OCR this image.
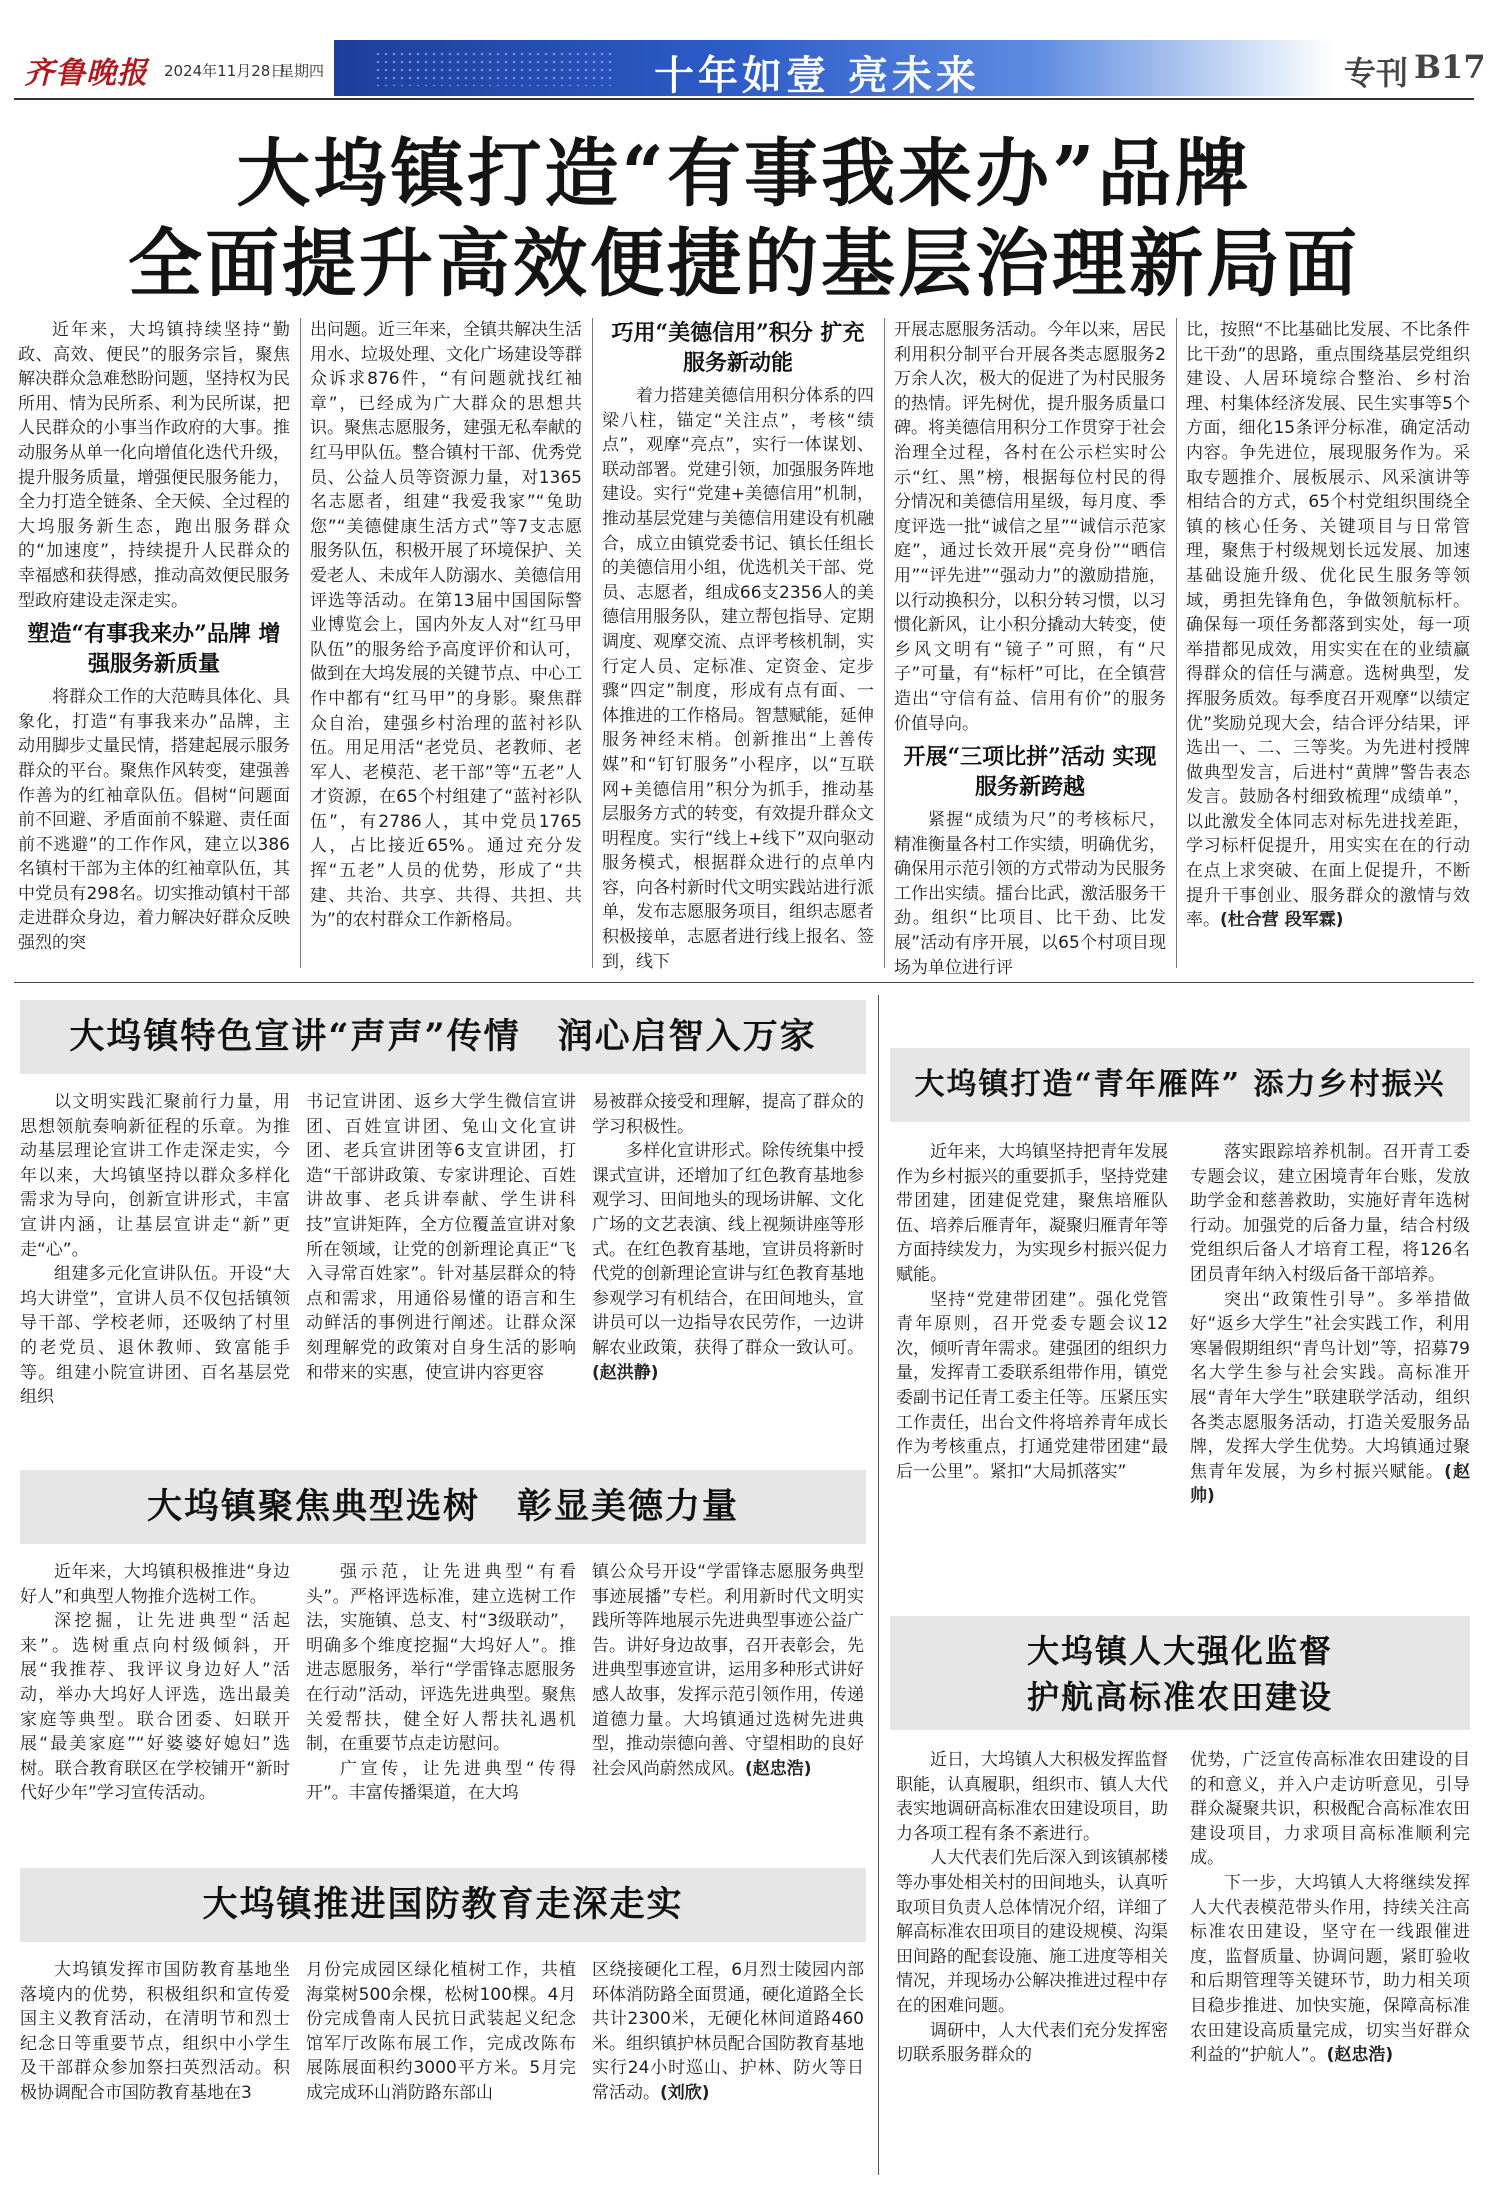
齐鲁晚报 2024年11月28日
星期四	十年如壹 亮未来	专刊 B17
大坞镇打造“有事我来办”品牌
全面提升高效便捷的基层治理新局面

近年来，大坞镇持续坚持“勤政、高效、便民”的服务宗旨，聚焦解决群众急难愁盼问题，坚持权为民所用、情为民所系、利为民所谋，把人民群众的小事当作政府的大事。推动服务从单一化向增值化迭代升级，提升服务质量，增强便民服务能力，全力打造全链条、全天候、全过程的大坞服务新生态，跑出服务群众的“加速度”，持续提升人民群众的幸福感和获得感，推动高效便民服务型政府建设走深走实。

塑造“有事我来办”品牌 增强服务新质量

将群众工作的大范畴具体化、具象化，打造“有事我来办”品牌，主动用脚步丈量民情，搭建起展示服务群众的平台。聚焦作风转变，建强善作善为的红袖章队伍。倡树“问题面前不回避、矛盾面前不躲避、责任面前不逃避”的工作作风，建立以386名镇村干部为主体的红袖章队伍，其中党员有298名。切实推动镇村干部走进群众身边，着力解决好群众反映强烈的突

出问题。近三年来，全镇共解决生活用水、垃圾处理、文化广场建设等群众诉求876件，“有问题就找红袖章”，已经成为广大群众的思想共识。聚焦志愿服务，建强无私奉献的红马甲队伍。整合镇村干部、优秀党员、公益人员等资源力量，对1365名志愿者，组建“我爱我家”“兔助您”“美德健康生活方式”等7支志愿服务队伍，积极开展了环境保护、关爱老人、未成年人防溺水、美德信用评选等活动。在第13届中国国际警业博览会上，国内外友人对“红马甲队伍”的服务给予高度评价和认可，做到在大坞发展的关键节点、中心工作中都有“红马甲”的身影。聚焦群众自治，建强乡村治理的蓝衬衫队伍。用足用活“老党员、老教师、老军人、老模范、老干部”等“五老”人才资源，在65个村组建了“蓝衬衫队伍”，有2786人，其中党员1765人，占比接近65%。通过充分发挥“五老”人员的优势，形成了“共建、共治、共享、共得、共担、共为”的农村群众工作新格局。

巧用“美德信用”积分 扩充服务新动能

着力搭建美德信用积分体系的四梁八柱，锚定“关注点”，考核“绩点”，观摩“亮点”，实行一体谋划、联动部署。党建引领，加强服务阵地建设。实行“党建+美德信用”机制，推动基层党建与美德信用建设有机融合，成立由镇党委书记、镇长任组长的美德信用小组，优选机关干部、党员、志愿者，组成66支2356人的美德信用服务队，建立帮包指导、定期调度、观摩交流、点评考核机制，实行定人员、定标准、定资金、定步骤“四定”制度，形成有点有面、一体推进的工作格局。智慧赋能，延伸服务神经末梢。创新推出“上善传媒”和“钉钉服务”小程序，以“互联网+美德信用”积分为抓手，推动基层服务方式的转变，有效提升群众文明程度。实行“线上+线下”双向驱动服务模式，根据群众进行的点单内容，向各村新时代文明实践站进行派单，发布志愿服务项目，组织志愿者积极接单，志愿者进行线上报名、签到，线下

开展志愿服务活动。今年以来，居民利用积分制平台开展各类志愿服务2万余人次，极大的促进了为村民服务的热情。评先树优，提升服务质量口碑。将美德信用积分工作贯穿于社会治理全过程，各村在公示栏实时公示“红、黑”榜，根据每位村民的得分情况和美德信用星级，每月度、季度评选一批“诚信之星”“诚信示范家庭”，通过长效开展“亮身份”“晒信用”“评先进”“强动力”的激励措施，以行动换积分，以积分转习惯，以习惯化新风，让小积分撬动大转变，使乡风文明有“镜子”可照，有“尺子”可量，有“标杆”可比，在全镇营造出“守信有益、信用有价”的服务价值导向。

开展“三项比拼”活动 实现服务新跨越

紧握“成绩为尺”的考核标尺，精准衡量各村工作实绩，明确优劣，确保用示范引领的方式带动为民服务工作出实绩。擂台比武，激活服务干劲。组织“比项目、比干劲、比发展”活动有序开展，以65个村项目现场为单位进行评

比，按照“不比基础比发展、不比条件比干劲”的思路，重点围绕基层党组织建设、人居环境综合整治、乡村治理、村集体经济发展、民生实事等5个方面，细化15条评分标准，确定活动内容。争先进位，展现服务作为。采取专题推介、展板展示、风采演讲等相结合的方式，65个村党组织围绕全镇的核心任务、关键项目与日常管理，聚焦于村级规划长远发展、加速基础设施升级、优化民生服务等领域，勇担先锋角色，争做领航标杆。确保每一项任务都落到实处，每一项举措都见成效，用实实在在的业绩赢得群众的信任与满意。选树典型，发挥服务质效。每季度召开观摩“以绩定优”奖励兑现大会，结合评分结果，评选出一、二、三等奖。为先进村授牌做典型发言，后进村“黄牌”警告表态发言。鼓励各村细致梳理“成绩单”，以此激发全体同志对标先进找差距，学习标杆促提升，用实实在在的行动在点上求突破、在面上促提升，不断提升干事创业、服务群众的激情与效率。(杜合营 段军霖)

大坞镇特色宣讲“声声”传情　润心启智入万家

以文明实践汇聚前行力量，用思想领航奏响新征程的乐章。为推动基层理论宣讲工作走深走实，今年以来，大坞镇坚持以群众多样化需求为导向，创新宣讲形式，丰富宣讲内涵，让基层宣讲走“新”更走“心”。

组建多元化宣讲队伍。开设“大坞大讲堂”，宣讲人员不仅包括镇领导干部、学校老师，还吸纳了村里的老党员、退休教师、致富能手等。组建小院宣讲团、百名基层党组织

书记宣讲团、返乡大学生微信宣讲团、百姓宣讲团、兔山文化宣讲团、老兵宣讲团等6支宣讲团，打造“干部讲政策、专家讲理论、百姓讲故事、老兵讲奉献、学生讲科技”宣讲矩阵，全方位覆盖宣讲对象所在领域，让党的创新理论真正“飞入寻常百姓家”。针对基层群众的特点和需求，用通俗易懂的语言和生动鲜活的事例进行阐述。让群众深刻理解党的政策对自身生活的影响和带来的实惠，使宣讲内容更容

易被群众接受和理解，提高了群众的学习积极性。

多样化宣讲形式。除传统集中授课式宣讲，还增加了红色教育基地参观学习、田间地头的现场讲解、文化广场的文艺表演、线上视频讲座等形式。在红色教育基地，宣讲员将新时代党的创新理论宣讲与红色教育基地参观学习有机结合，在田间地头，宣讲员可以一边指导农民劳作，一边讲解农业政策，获得了群众一致认可。(赵洪静)

大坞镇聚焦典型选树　彰显美德力量

近年来，大坞镇积极推进“身边好人”和典型人物推介选树工作。

深挖掘，让先进典型“活起来”。选树重点向村级倾斜，开展“我推荐、我评议身边好人”活动，举办大坞好人评选，选出最美家庭等典型。联合团委、妇联开展“最美家庭”“好婆婆好媳妇”选树。联合教育联区在学校铺开“新时代好少年”学习宣传活动。

强示范，让先进典型“有看头”。严格评选标准，建立选树工作法，实施镇、总支、村“3级联动”，明确多个维度挖掘“大坞好人”。推进志愿服务，举行“学雷锋志愿服务在行动”活动，评选先进典型。聚焦关爱帮扶，健全好人帮扶礼遇机制，在重要节点走访慰问。

广宣传，让先进典型“传得开”。丰富传播渠道，在大坞

镇公众号开设“学雷锋志愿服务典型事迹展播”专栏。利用新时代文明实践所等阵地展示先进典型事迹公益广告。讲好身边故事，召开表彰会，先进典型事迹宣讲，运用多种形式讲好感人故事，发挥示范引领作用，传递道德力量。大坞镇通过选树先进典型，推动崇德向善、守望相助的良好社会风尚蔚然成风。(赵忠浩)

大坞镇推进国防教育走深走实

大坞镇发挥市国防教育基地坐落境内的优势，积极组织和宣传爱国主义教育活动，在清明节和烈士纪念日等重要节点，组织中小学生及干部群众参加祭扫英烈活动。积极协调配合市国防教育基地在3

月份完成园区绿化植树工作，共植海棠树500余棵，松树100棵。4月份完成鲁南人民抗日武装起义纪念馆军厅改陈布展工作，完成改陈布展陈展面积约3000平方米。5月完成完成环山消防路东部山

区绕接硬化工程，6月烈士陵园内部环体消防路全面贯通，硬化道路全长共计2300米，无硬化林间道路460米。组织镇护林员配合国防教育基地实行24小时巡山、护林、防火等日常活动。(刘欣)

大坞镇打造“青年雁阵” 添力乡村振兴

近年来，大坞镇坚持把青年发展作为乡村振兴的重要抓手，坚持党建带团建，团建促党建，聚焦培雁队伍、培养后雁青年，凝聚归雁青年等方面持续发力，为实现乡村振兴促力赋能。

坚持“党建带团建”。强化党管青年原则，召开党委专题会议12次，倾听青年需求。建强团的组织力量，发挥青工委联系组带作用，镇党委副书记任青工委主任等。压紧压实工作责任，出台文件将培养青年成长作为考核重点，打通党建带团建“最后一公里”。紧扣“大局抓落实”

落实跟踪培养机制。召开青工委专题会议，建立困境青年台账，发放助学金和慈善救助，实施好青年选树行动。加强党的后备力量，结合村级党组织后备人才培育工程，将126名团员青年纳入村级后备干部培养。

突出“政策性引导”。多举措做好“返乡大学生”社会实践工作，利用寒暑假期组织“青鸟计划”等，招募79名大学生参与社会实践。高标准开展“青年大学生”联建联学活动，组织各类志愿服务活动，打造关爱服务品牌，发挥大学生优势。大坞镇通过聚焦青年发展，为乡村振兴赋能。(赵帅)

大坞镇人大强化监督
护航高标准农田建设

近日，大坞镇人大积极发挥监督职能，认真履职，组织市、镇人大代表实地调研高标准农田建设项目，助力各项工程有条不紊进行。

人大代表们先后深入到该镇郝楼等办事处相关村的田间地头，认真听取项目负责人总体情况介绍，详细了解高标准农田项目的建设规模、沟渠田间路的配套设施、施工进度等相关情况，并现场办公解决推进过程中存在的困难问题。

调研中，人大代表们充分发挥密切联系服务群众的

优势，广泛宣传高标准农田建设的目的和意义，并入户走访听意见，引导群众凝聚共识，积极配合高标准农田建设项目，力求项目高标准顺利完成。

下一步，大坞镇人大将继续发挥人大代表模范带头作用，持续关注高标准农田建设，坚守在一线跟催进度，监督质量、协调问题，紧盯验收和后期管理等关键环节，助力相关项目稳步推进、加快实施，保障高标准农田建设高质量完成，切实当好群众利益的“护航人”。(赵忠浩)
